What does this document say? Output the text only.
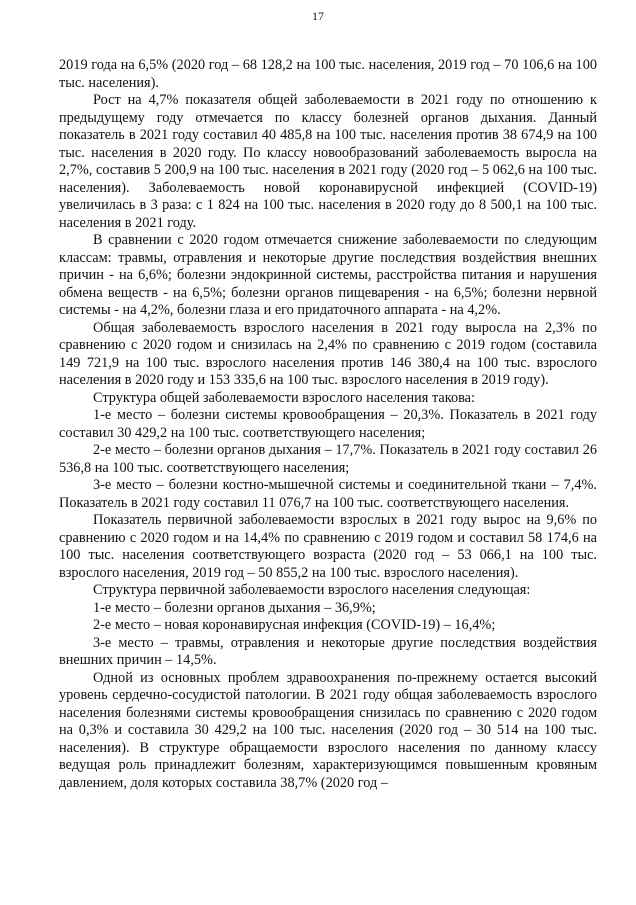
17

2019 года на 6,5% (2020 год – 68 128,2 на 100 тыс. населения, 2019 год – 70 106,6 на 100 тыс. населения).

Рост на 4,7% показателя общей заболеваемости в 2021 году по отношению к предыдущему году отмечается по классу болезней органов дыхания. Данный показатель в 2021 году составил 40 485,8 на 100 тыс. населения против 38 674,9 на 100 тыс. населения в 2020 году. По классу новообразований заболеваемость выросла на 2,7%, составив 5 200,9 на 100 тыс. населения в 2021 году (2020 год – 5 062,6 на 100 тыс. населения). Заболеваемость новой коронавирусной инфекцией (COVID-19) увеличилась в 3 раза: с 1 824 на 100 тыс. населения в 2020 году до 8 500,1 на 100 тыс. населения в 2021 году.

В сравнении с 2020 годом отмечается снижение заболеваемости по следующим классам: травмы, отравления и некоторые другие последствия воздействия внешних причин - на 6,6%; болезни эндокринной системы, расстройства питания и нарушения обмена веществ - на 6,5%; болезни органов пищеварения - на 6,5%; болезни нервной системы - на 4,2%, болезни глаза и его придаточного аппарата - на 4,2%.

Общая заболеваемость взрослого населения в 2021 году выросла на 2,3% по сравнению с 2020 годом и снизилась на 2,4% по сравнению с 2019 годом (составила 149 721,9 на 100 тыс. взрослого населения против 146 380,4 на 100 тыс. взрослого населения в 2020 году и 153 335,6 на 100 тыс. взрослого населения в 2019 году).

Структура общей заболеваемости взрослого населения такова:

1-е место – болезни системы кровообращения – 20,3%. Показатель в 2021 году составил 30 429,2 на 100 тыс. соответствующего населения;

2-е место – болезни органов дыхания – 17,7%. Показатель в 2021 году составил 26 536,8 на 100 тыс. соответствующего населения;

3-е место – болезни костно-мышечной системы и соединительной ткани – 7,4%. Показатель в 2021 году составил 11 076,7 на 100 тыс. соответствующего населения.

Показатель первичной заболеваемости взрослых в 2021 году вырос на 9,6% по сравнению с 2020 годом и на 14,4% по сравнению с 2019 годом и составил 58 174,6 на 100 тыс. населения соответствующего возраста (2020 год – 53 066,1 на 100 тыс. взрослого населения, 2019 год – 50 855,2 на 100 тыс. взрослого населения).

Структура первичной заболеваемости взрослого населения следующая:

1-е место – болезни органов дыхания – 36,9%;

2-е место – новая коронавирусная инфекция (COVID-19) – 16,4%;

3-е место – травмы, отравления и некоторые другие последствия воздействия внешних причин – 14,5%.

Одной из основных проблем здравоохранения по-прежнему остается высокий уровень сердечно-сосудистой патологии. В 2021 году общая заболеваемость взрослого населения болезнями системы кровообращения снизилась по сравнению с 2020 годом на 0,3% и составила 30 429,2 на 100 тыс. населения (2020 год – 30 514 на 100 тыс. населения). В структуре обращаемости взрослого населения по данному классу ведущая роль принадлежит болезням, характеризующимся повышенным кровяным давлением, доля которых составила 38,7% (2020 год –
